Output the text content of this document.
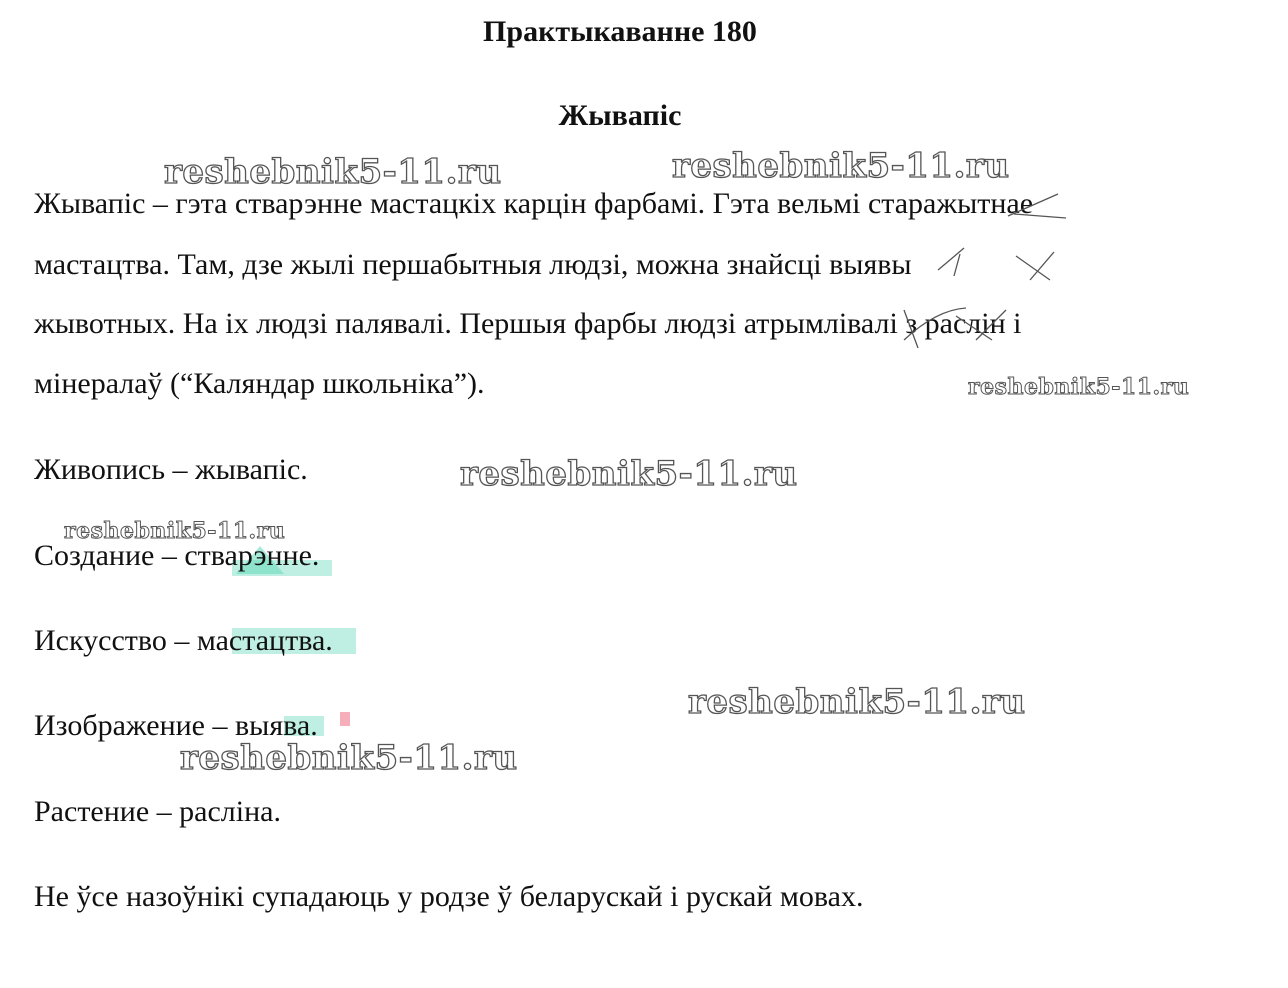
Практыкаванне 180
Жывапіс

Жывапіс – гэта стварэнне мастацкіх карцін фарбамі. Гэта вельмі старажытнае

мастацтва. Там, дзе жылі першабытныя людзі, можна знайсці выявы

жывотных. На іх людзі палявалі. Першыя фарбы людзі атрымлівалі з раслін і

мінералаў (“Каляндар школьніка”).

Живопись – жывапіс.

Создание – стварэнне.

Искусство – мастацтва.

Изображение – выява.

Растение – расліна.

Не ўсе назоўнікі супадаюць у родзе ў беларускай і рускай мовах.

reshebnik5-11.ru	reshebnik5-11.ru
reshebnik5-11.ru
reshebnik5-11.ru
reshebnik5-11.ru
reshebnik5-11.ru
reshebnik5-11.ru
